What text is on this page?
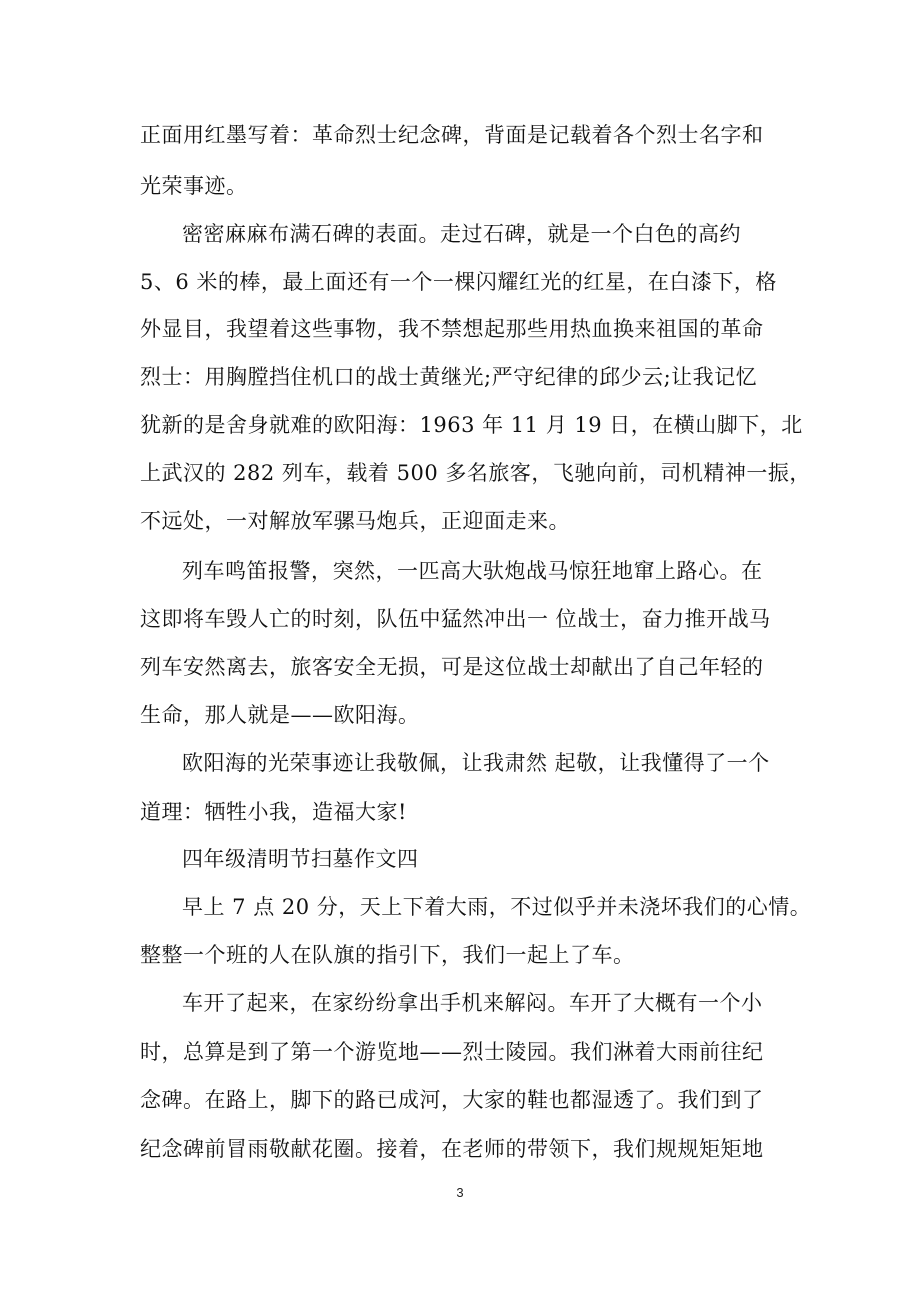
正面用红墨写着：革命烈士纪念碑，背面是记载着各个烈士名字和

光荣事迹。

密密麻麻布满石碑的表面。走过石碑，就是一个白色的高约

5、6 米的棒，最上面还有一个一棵闪耀红光的红星，在白漆下，格

外显目，我望着这些事物，我不禁想起那些用热血换来祖国的革命

烈士：用胸膛挡住机口的战士黄继光;严守纪律的邱少云;让我记忆

犹新的是舍身就难的欧阳海：1963 年 11 月 19 日，在横山脚下，北

上武汉的 282 列车，载着 500 多名旅客，飞驰向前，司机精神一振，

不远处，一对解放军骡马炮兵，正迎面走来。

列车鸣笛报警，突然，一匹高大驮炮战马惊狂地窜上路心。在

这即将车毁人亡的时刻，队伍中猛然冲出一 位战士，奋力推开战马

列车安然离去，旅客安全无损，可是这位战士却献出了自己年轻的

生命，那人就是——欧阳海。

欧阳海的光荣事迹让我敬佩，让我肃然 起敬，让我懂得了一个

道理：牺牲小我，造福大家!

四年级清明节扫墓作文四

早上 7 点 20 分，天上下着大雨，不过似乎并未浇坏我们的心情。

整整一个班的人在队旗的指引下，我们一起上了车。

车开了起来，在家纷纷拿出手机来解闷。车开了大概有一个小

时，总算是到了第一个游览地——烈士陵园。我们淋着大雨前往纪

念碑。在路上，脚下的路已成河，大家的鞋也都湿透了。我们到了

纪念碑前冒雨敬献花圈。接着，在老师的带领下，我们规规矩矩地

3
